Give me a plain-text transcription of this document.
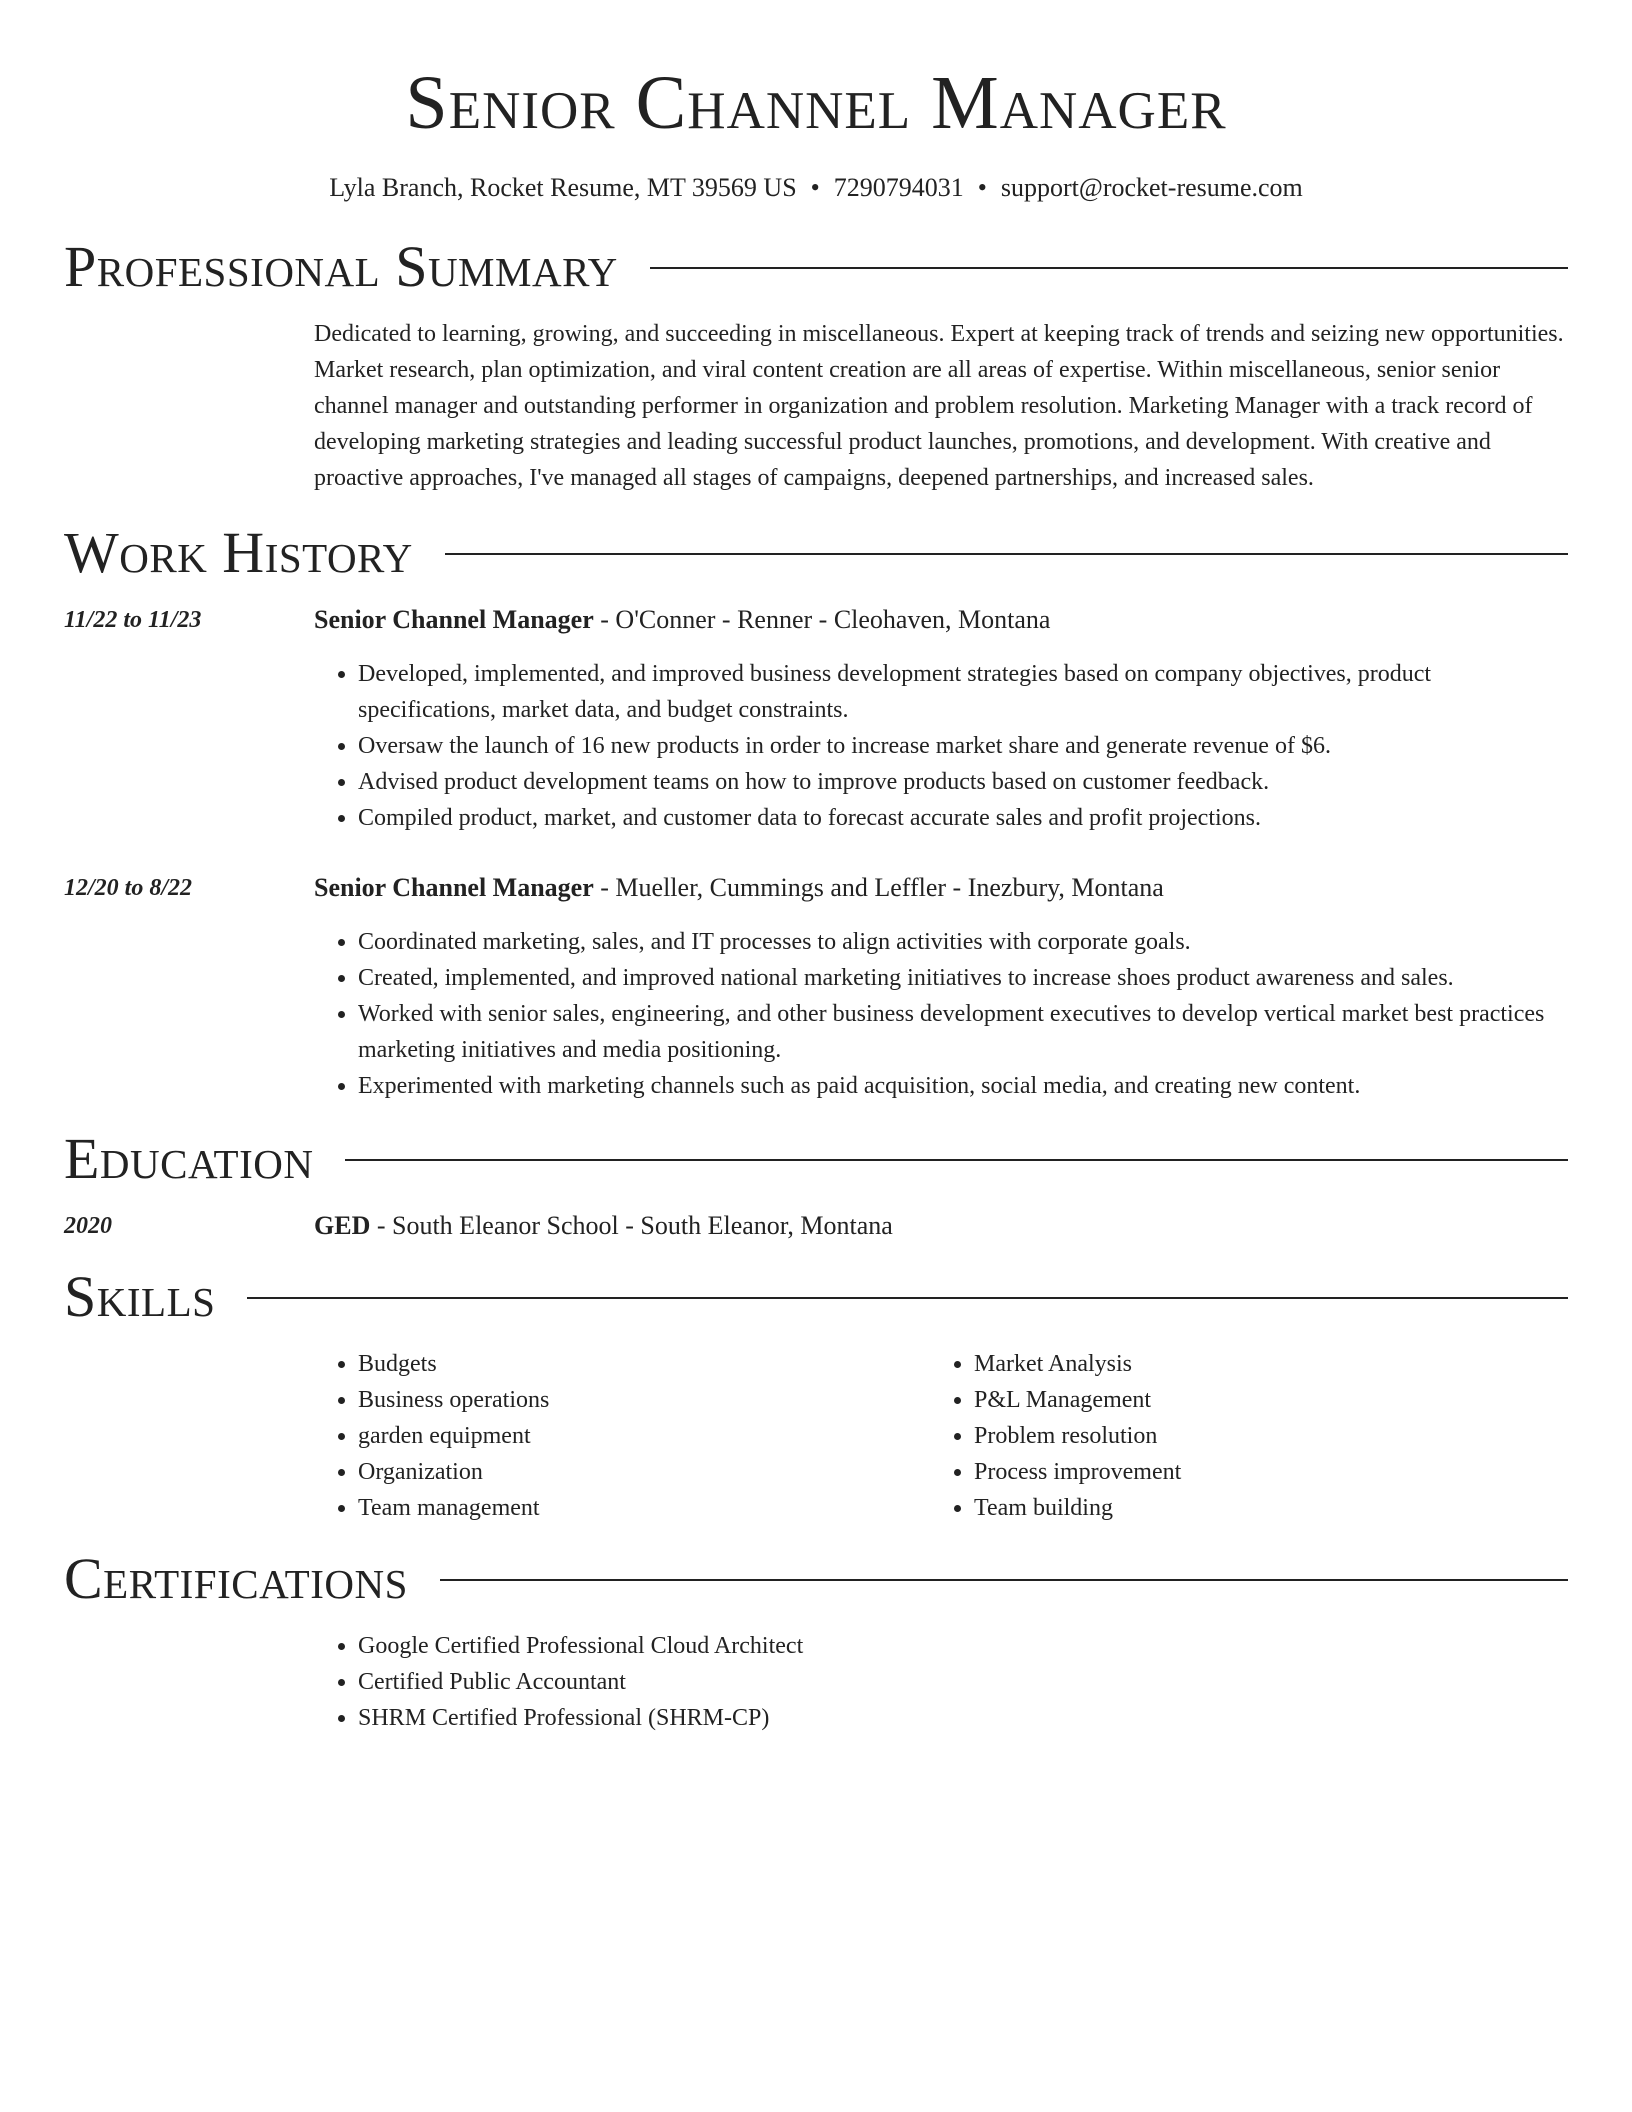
Senior Channel Manager
Lyla Branch, Rocket Resume, MT 39569 US • 7290794031 • support@rocket-resume.com
Professional Summary

Dedicated to learning, growing, and succeeding in miscellaneous. Expert at keeping track of trends and seizing new opportunities. Market research, plan optimization, and viral content creation are all areas of expertise. Within miscellaneous, senior senior channel manager and outstanding performer in organization and problem resolution. Marketing Manager with a track record of developing marketing strategies and leading successful product launches, promotions, and development. With creative and proactive approaches, I've managed all stages of campaigns, deepened partnerships, and increased sales.

Work History
11/22 to 11/23	Senior Channel Manager - O'Conner - Renner - Cleohaven, Montana
• Developed, implemented, and improved business development strategies based on company objectives, product specifications, market data, and budget constraints.
• Oversaw the launch of 16 new products in order to increase market share and generate revenue of $6.
• Advised product development teams on how to improve products based on customer feedback.
• Compiled product, market, and customer data to forecast accurate sales and profit projections.
12/20 to 8/22	Senior Channel Manager - Mueller, Cummings and Leffler - Inezbury, Montana
• Coordinated marketing, sales, and IT processes to align activities with corporate goals.
• Created, implemented, and improved national marketing initiatives to increase shoes product awareness and sales.
• Worked with senior sales, engineering, and other business development executives to develop vertical market best practices marketing initiatives and media positioning.
• Experimented with marketing channels such as paid acquisition, social media, and creating new content.
Education
2020	GED - South Eleanor School - South Eleanor, Montana
Skills
• Budgets
• Business operations
• garden equipment
• Organization
• Team management
• Market Analysis
• P&L Management
• Problem resolution
• Process improvement
• Team building
Certifications
• Google Certified Professional Cloud Architect
• Certified Public Accountant
• SHRM Certified Professional (SHRM-CP)
